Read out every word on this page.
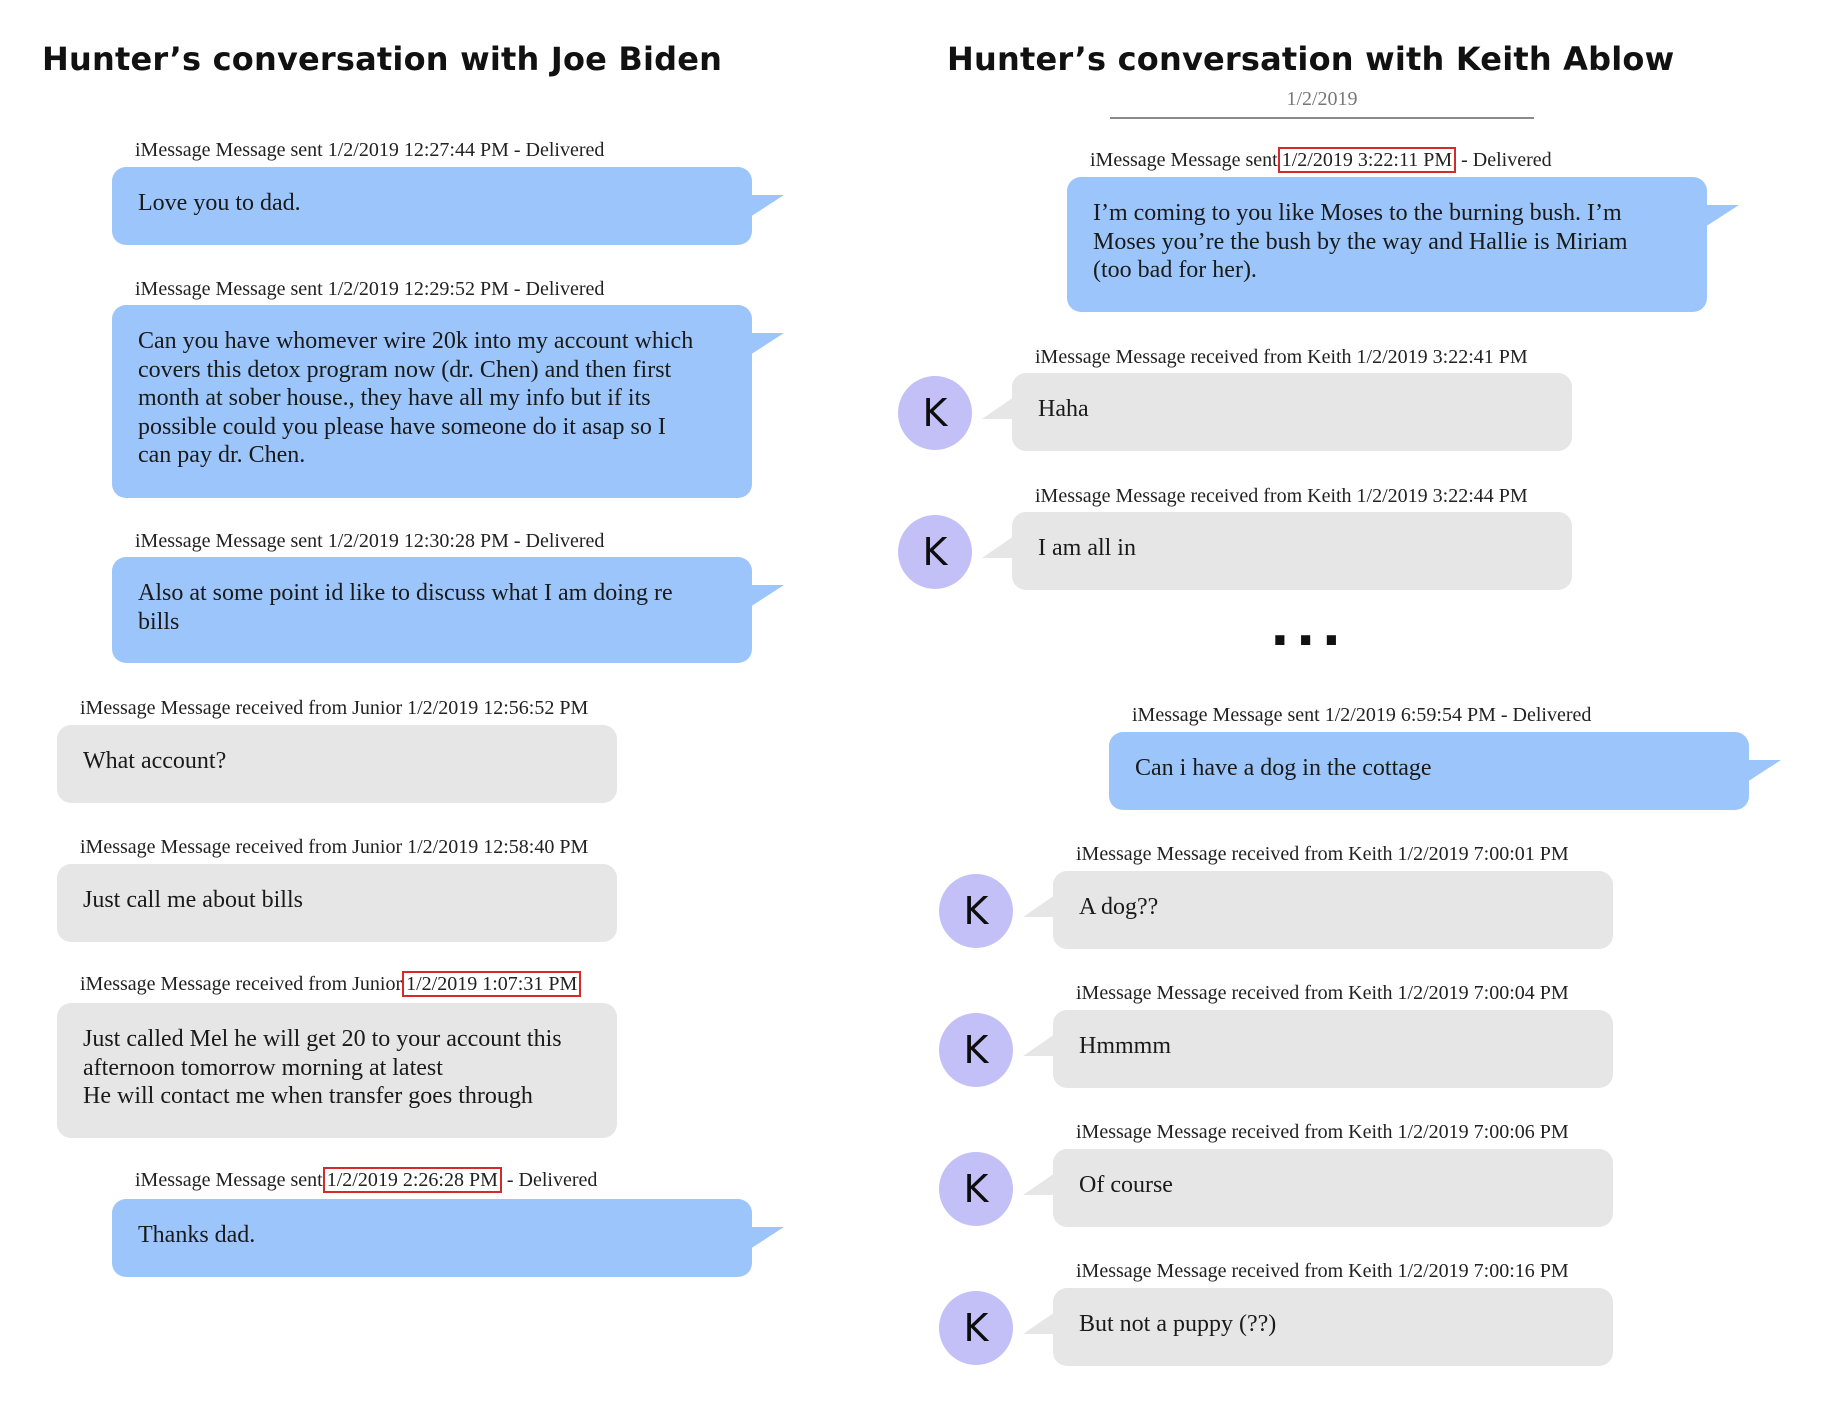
Hunter’s conversation with Joe Biden
iMessage Message sent 1/2/2019 12:27:44 PM - Delivered
Love you to dad.
iMessage Message sent 1/2/2019 12:29:52 PM - Delivered
Can you have whomever wire 20k into my account which
covers this detox program now (dr. Chen) and then first
month at sober house., they have all my info but if its
possible could you please have someone do it asap so I
can pay dr. Chen.
iMessage Message sent 1/2/2019 12:30:28 PM - Delivered
Also at some point id like to discuss what I am doing re
bills
iMessage Message received from Junior 1/2/2019 12:56:52 PM
What account?
iMessage Message received from Junior 1/2/2019 12:58:40 PM
Just call me about bills
iMessage Message received from Junior 1/2/2019 1:07:31 PM
Just called Mel he will get 20 to your account this
afternoon tomorrow morning at latest
He will contact me when transfer goes through
iMessage Message sent 1/2/2019 2:26:28 PM - Delivered
Thanks dad.
Hunter’s conversation with Keith Ablow
1/2/2019
iMessage Message sent 1/2/2019 3:22:11 PM - Delivered
I’m coming to you like Moses to the burning bush. I’m
Moses you’re the bush by the way and Hallie is Miriam
(too bad for her).
iMessage Message received from Keith 1/2/2019 3:22:41 PM
K	Haha
iMessage Message received from Keith 1/2/2019 3:22:44 PM
K	I am all in
...
iMessage Message sent 1/2/2019 6:59:54 PM - Delivered
Can i have a dog in the cottage
iMessage Message received from Keith 1/2/2019 7:00:01 PM
K	A dog??
iMessage Message received from Keith 1/2/2019 7:00:04 PM
K	Hmmmm
iMessage Message received from Keith 1/2/2019 7:00:06 PM
K	Of course
iMessage Message received from Keith 1/2/2019 7:00:16 PM
K	But not a puppy (??)
